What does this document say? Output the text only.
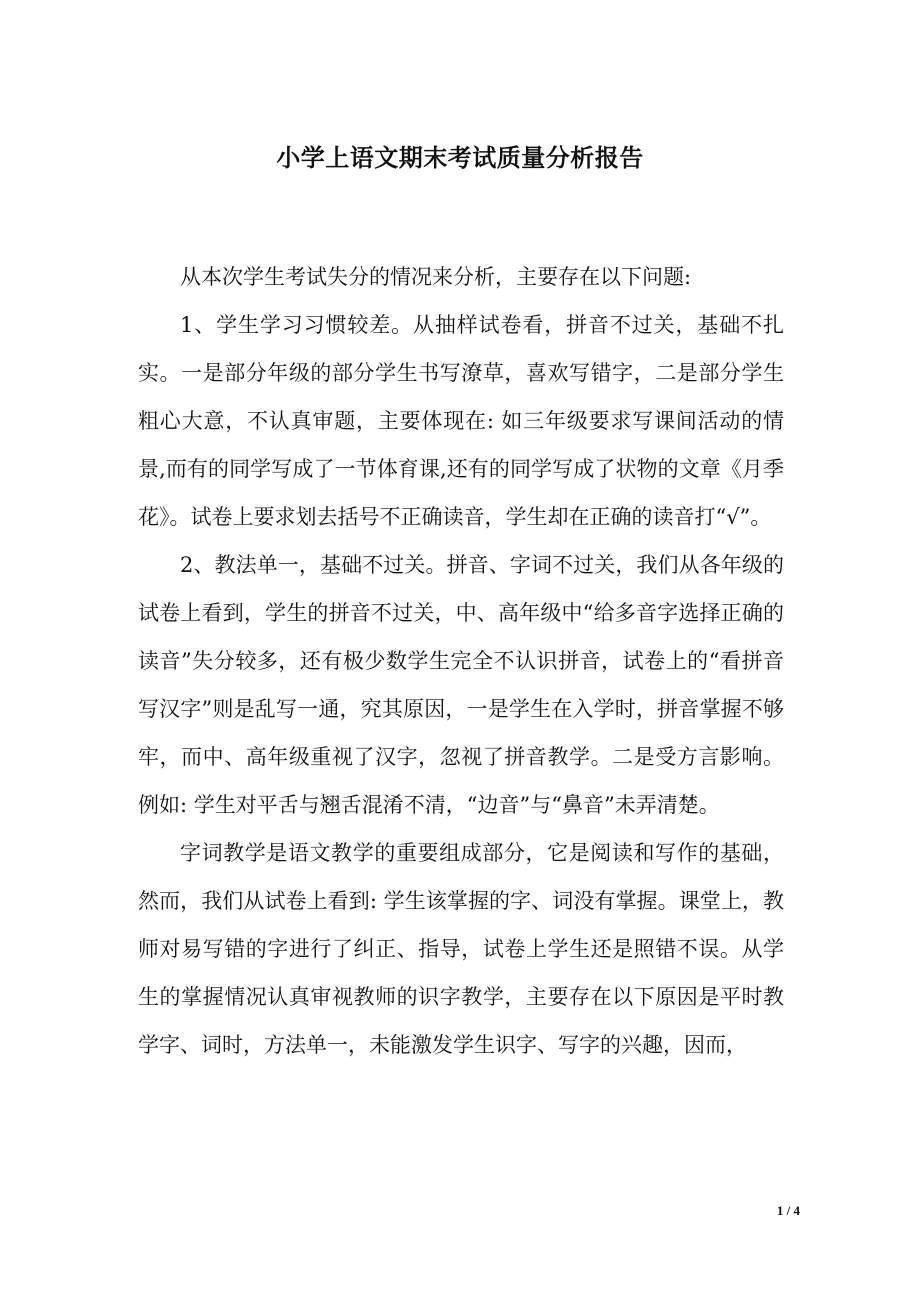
小学上语文期末考试质量分析报告

从本次学生考试失分的情况来分析，主要存在以下问题:

1、学生学习习惯较差。从抽样试卷看，拼音不过关，基础不扎实。一是部分年级的部分学生书写潦草，喜欢写错字，二是部分学生粗心大意，不认真审题，主要体现在: 如三年级要求写课间活动的情景,而有的同学写成了一节体育课,还有的同学写成了状物的文章《月季花》。试卷上要求划去括号不正确读音，学生却在正确的读音打“√”。

2、教法单一，基础不过关。拼音、字词不过关，我们从各年级的试卷上看到，学生的拼音不过关，中、高年级中“给多音字选择正确的读音”失分较多，还有极少数学生完全不认识拼音，试卷上的“看拼音写汉字”则是乱写一通，究其原因，一是学生在入学时，拼音掌握不够牢，而中、高年级重视了汉字，忽视了拼音教学。二是受方言影响。例如: 学生对平舌与翘舌混淆不清，“边音”与“鼻音”未弄清楚。

字词教学是语文教学的重要组成部分，它是阅读和写作的基础，然而，我们从试卷上看到: 学生该掌握的字、词没有掌握。课堂上，教师对易写错的字进行了纠正、指导，试卷上学生还是照错不误。从学生的掌握情况认真审视教师的识字教学，主要存在以下原因是平时教学字、词时，方法单一，未能激发学生识字、写字的兴趣，因而，

1 / 4
